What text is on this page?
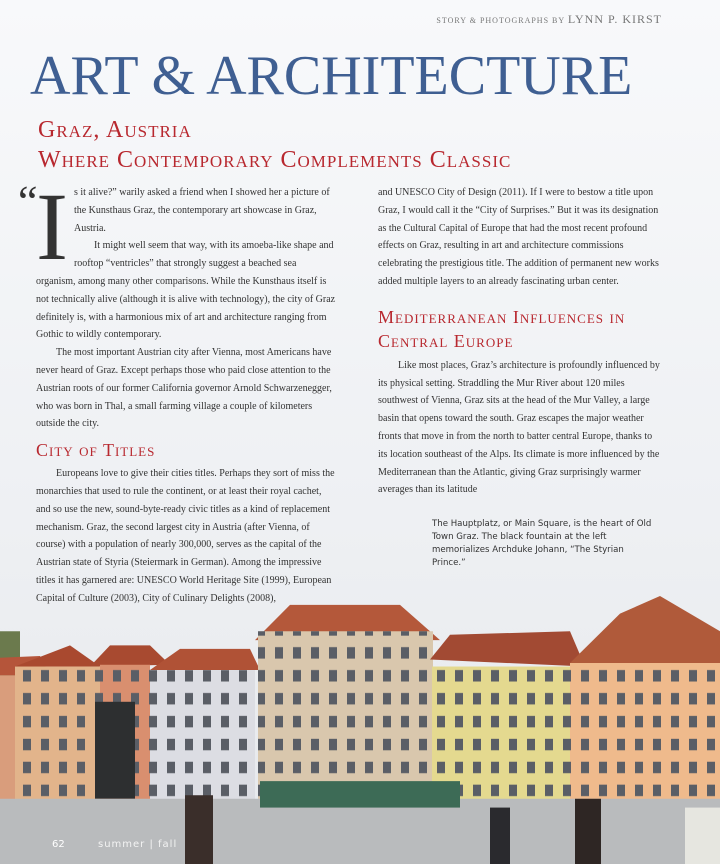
STORY & PHOTOGRAPHS BY LYNN P. KIRST
ART & ARCHITECTURE
Graz, Austria
Where Contemporary Complements Classic
“
I s it alive?” warily asked a friend when I showed her a picture of the Kunsthaus Graz, the contemporary art showcase in Graz, Austria.

It might well seem that way, with its amoeba-like shape and rooftop “ventricles” that strongly suggest a beached sea organism, among many other comparisons. While the Kunsthaus itself is not technically alive (although it is alive with technology), the city of Graz definitely is, with a harmonious mix of art and architecture ranging from Gothic to wildly contemporary.

The most important Austrian city after Vienna, most Americans have never heard of Graz. Except perhaps those who paid close attention to the Austrian roots of our former California governor Arnold Schwarzenegger, who was born in Thal, a small farming village a couple of kilometers outside the city.

City of Titles

Europeans love to give their cities titles. Perhaps they sort of miss the monarchies that used to rule the continent, or at least their royal cachet, and so use the new, sound-byte-ready civic titles as a kind of replacement mechanism. Graz, the second largest city in Austria (after Vienna, of course) with a population of nearly 300,000, serves as the capital of the Austrian state of Styria (Steiermark in German). Among the impressive titles it has garnered are: UNESCO World Heritage Site (1999), European Capital of Culture (2003), City of Culinary Delights (2008),

and UNESCO City of Design (2011). If I were to bestow a title upon Graz, I would call it the “City of Surprises.” But it was its designation as the Cultural Capital of Europe that had the most recent profound effects on Graz, resulting in art and architecture commissions celebrating the prestigious title. The addition of permanent new works added multiple layers to an already fascinating urban center.

Mediterranean Influences in Central Europe

Like most places, Graz’s architecture is profoundly influenced by its physical setting. Straddling the Mur River about 120 miles southwest of Vienna, Graz sits at the head of the Mur Valley, a large basin that opens toward the south. Graz escapes the major weather fronts that move in from the north to batter central Europe, thanks to its location southeast of the Alps. Its climate is more influenced by the Mediterranean than the Atlantic, giving Graz surprisingly warmer averages than its latitude

The Hauptplatz, or Main Square, is the heart of Old Town Graz. The black fountain at the left memorializes Archduke Johann, “The Styrian Prince.”
62	summer | fall
